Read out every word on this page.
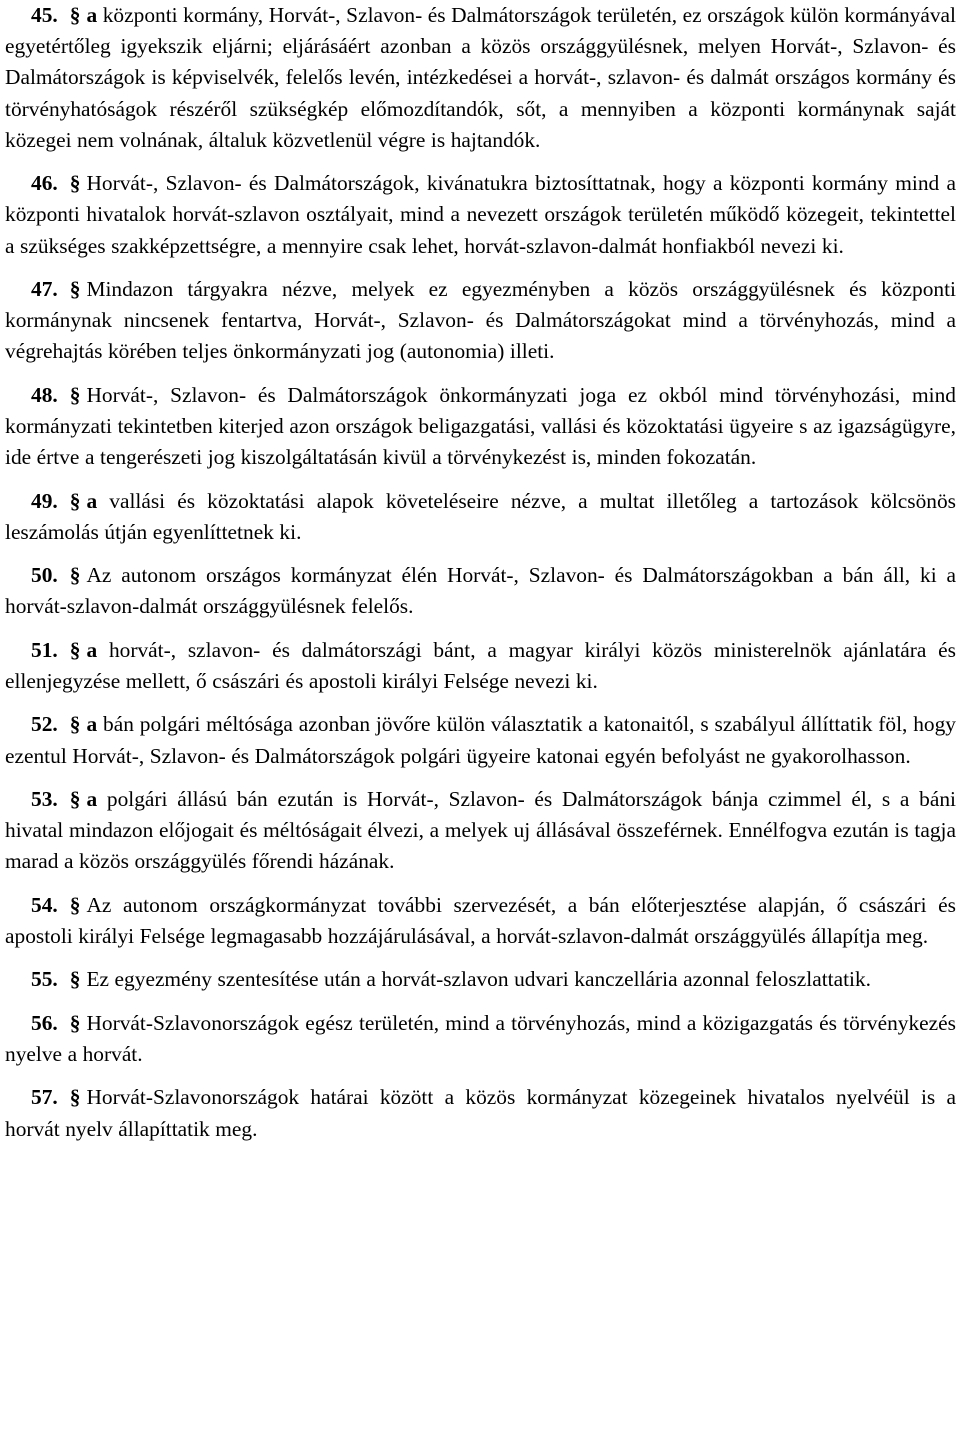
45. § a központi kormány, Horvát-, Szlavon- és Dalmátországok területén, ez országok külön kormányával egyetértőleg igyekszik eljárni; eljárásáért azonban a közös országgyülésnek, melyen Horvát-, Szlavon- és Dalmátországok is képviselvék, felelős levén, intézkedései a horvát-, szlavon- és dalmát országos kormány és törvényhatóságok részéről szükségkép előmozdítandók, sőt, a mennyiben a központi kormánynak saját közegei nem volnának, általuk közvetlenül végre is hajtandók.

46. § Horvát-, Szlavon- és Dalmátországok, kivánatukra biztosíttatnak, hogy a központi kormány mind a központi hivatalok horvát-szlavon osztályait, mind a nevezett országok területén működő közegeit, tekintettel a szükséges szakképzettségre, a mennyire csak lehet, horvát-szlavon-dalmát honfiakból nevezi ki.

47. § Mindazon tárgyakra nézve, melyek ez egyezményben a közös országgyülésnek és központi kormánynak nincsenek fentartva, Horvát-, Szlavon- és Dalmátországokat mind a törvényhozás, mind a végrehajtás körében teljes önkormányzati jog (autonomia) illeti.

48. § Horvát-, Szlavon- és Dalmátországok önkormányzati joga ez okból mind törvényhozási, mind kormányzati tekintetben kiterjed azon országok beligazgatási, vallási és közoktatási ügyeire s az igazságügyre, ide értve a tengerészeti jog kiszolgáltatásán kivül a törvénykezést is, minden fokozatán.

49. § a vallási és közoktatási alapok követeléseire nézve, a multat illetőleg a tartozások kölcsönös leszámolás útján egyenlíttetnek ki.

50. § Az autonom országos kormányzat élén Horvát-, Szlavon- és Dalmátországokban a bán áll, ki a horvát-szlavon-dalmát országgyülésnek felelős.

51. § a horvát-, szlavon- és dalmátországi bánt, a magyar királyi közös ministerelnök ajánlatára és ellenjegyzése mellett, ő császári és apostoli királyi Felsége nevezi ki.

52. § a bán polgári méltósága azonban jövőre külön választatik a katonaitól, s szabályul állíttatik föl, hogy ezentul Horvát-, Szlavon- és Dalmátországok polgári ügyeire katonai egyén befolyást ne gyakorolhasson.

53. § a polgári állású bán ezután is Horvát-, Szlavon- és Dalmátországok bánja czimmel él, s a báni hivatal mindazon előjogait és méltóságait élvezi, a melyek uj állásával összeférnek. Ennélfogva ezután is tagja marad a közös országgyülés főrendi házának.

54. § Az autonom országkormányzat további szervezését, a bán előterjesztése alapján, ő császári és apostoli királyi Felsége legmagasabb hozzájárulásával, a horvát-szlavon-dalmát országgyülés állapítja meg.

55. § Ez egyezmény szentesítése után a horvát-szlavon udvari kanczellária azonnal feloszlattatik.

56. § Horvát-Szlavonországok egész területén, mind a törvényhozás, mind a közigazgatás és törvénykezés nyelve a horvát.

57. § Horvát-Szlavonországok határai között a közös kormányzat közegeinek hivatalos nyelvéül is a horvát nyelv állapíttatik meg.
